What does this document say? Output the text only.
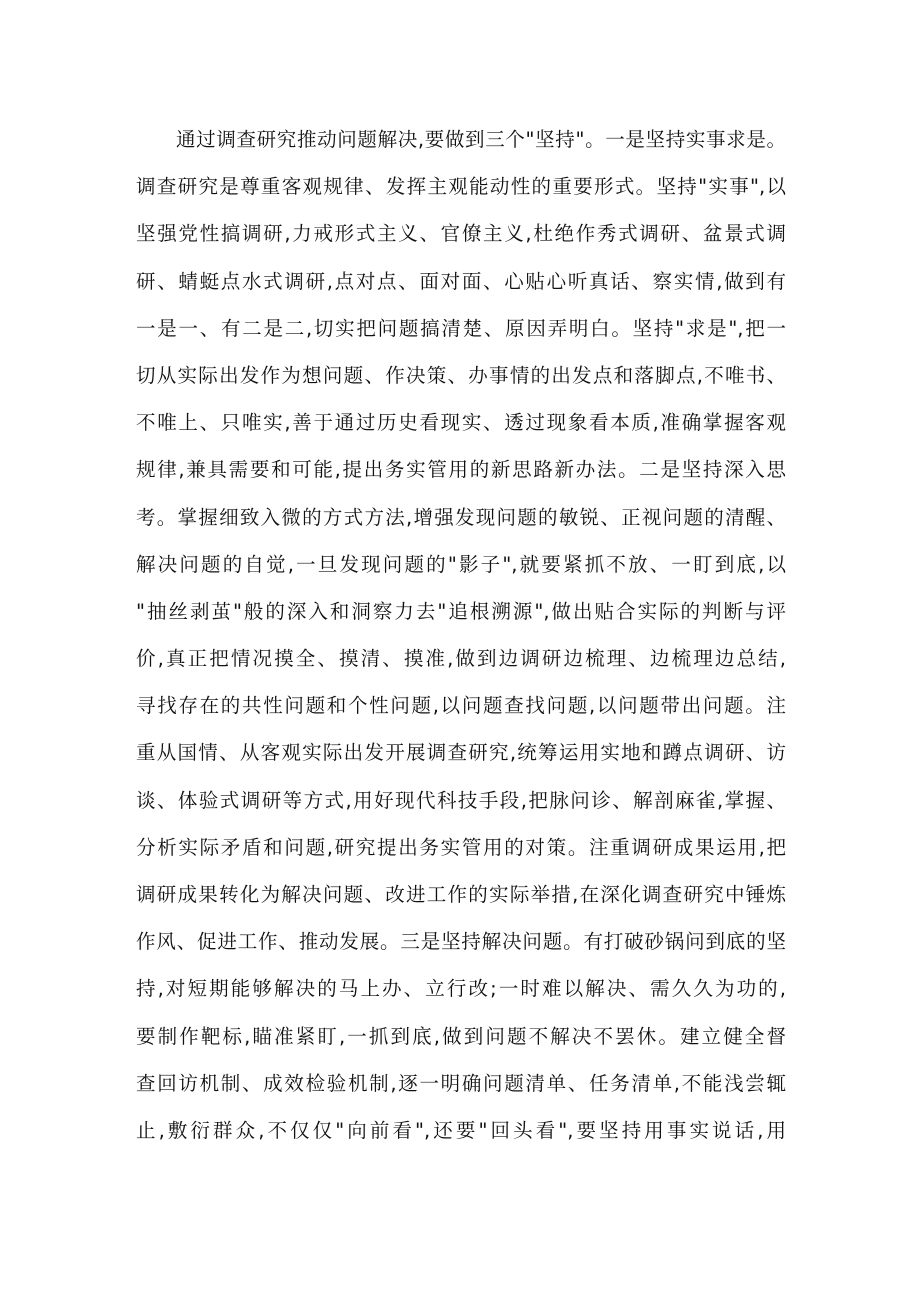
通过调查研究推动问题解决,要做到三个"坚持"。一是坚持实事求是。
调查研究是尊重客观规律、发挥主观能动性的重要形式。坚持"实事",以
坚强党性搞调研,力戒形式主义、官僚主义,杜绝作秀式调研、盆景式调
研、蜻蜓点水式调研,点对点、面对面、心贴心听真话、察实情,做到有
一是一、有二是二,切实把问题搞清楚、原因弄明白。坚持"求是",把一
切从实际出发作为想问题、作决策、办事情的出发点和落脚点,不唯书、
不唯上、只唯实,善于通过历史看现实、透过现象看本质,准确掌握客观
规律,兼具需要和可能,提出务实管用的新思路新办法。二是坚持深入思
考。掌握细致入微的方式方法,增强发现问题的敏锐、正视问题的清醒、
解决问题的自觉,一旦发现问题的"影子",就要紧抓不放、一盯到底,以
"抽丝剥茧"般的深入和洞察力去"追根溯源",做出贴合实际的判断与评
价,真正把情况摸全、摸清、摸准,做到边调研边梳理、边梳理边总结,
寻找存在的共性问题和个性问题,以问题查找问题,以问题带出问题。注
重从国情、从客观实际出发开展调查研究,统筹运用实地和蹲点调研、访
谈、体验式调研等方式,用好现代科技手段,把脉问诊、解剖麻雀,掌握、
分析实际矛盾和问题,研究提出务实管用的对策。注重调研成果运用,把
调研成果转化为解决问题、改进工作的实际举措,在深化调查研究中锤炼
作风、促进工作、推动发展。三是坚持解决问题。有打破砂锅问到底的坚
持,对短期能够解决的马上办、立行改;一时难以解决、需久久为功的,
要制作靶标,瞄准紧盯,一抓到底,做到问题不解决不罢休。建立健全督
查回访机制、成效检验机制,逐一明确问题清单、任务清单,不能浅尝辄
止,敷衍群众,不仅仅"向前看",还要"回头看",要坚持用事实说话,用
